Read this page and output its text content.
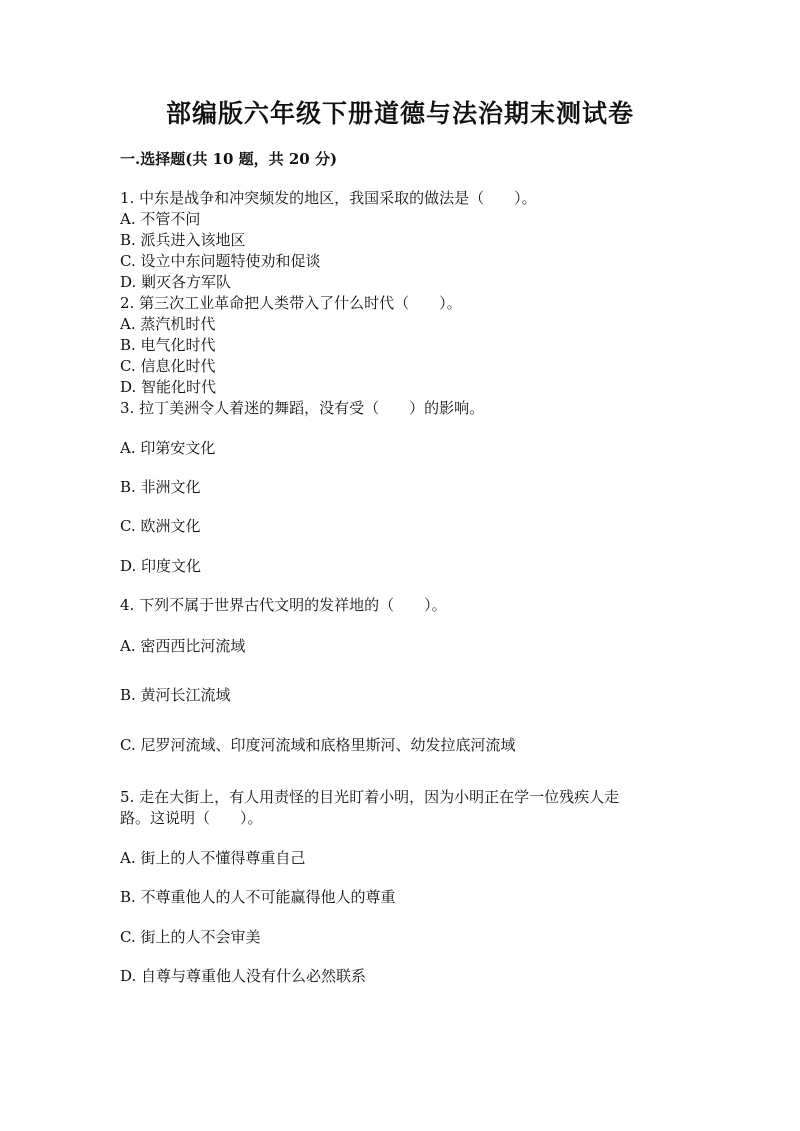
部编版六年级下册道德与法治期末测试卷
一.选择题(共 10 题，共 20 分)
1. 中东是战争和冲突频发的地区，我国采取的做法是（　　）。
A. 不管不问
B. 派兵进入该地区
C. 设立中东问题特使劝和促谈
D. 剿灭各方军队
2. 第三次工业革命把人类带入了什么时代（　　）。
A. 蒸汽机时代
B. 电气化时代
C. 信息化时代
D. 智能化时代
3. 拉丁美洲令人着迷的舞蹈，没有受（　　）的影响。
A. 印第安文化
B. 非洲文化
C. 欧洲文化
D. 印度文化
4. 下列不属于世界古代文明的发祥地的（　　）。
A. 密西西比河流域
B. 黄河长江流域
C. 尼罗河流域、印度河流域和底格里斯河、幼发拉底河流域
5. 走在大街上，有人用责怪的目光盯着小明，因为小明正在学一位残疾人走
路。这说明（　　）。
A. 街上的人不懂得尊重自己
B. 不尊重他人的人不可能赢得他人的尊重
C. 街上的人不会审美
D. 自尊与尊重他人没有什么必然联系
